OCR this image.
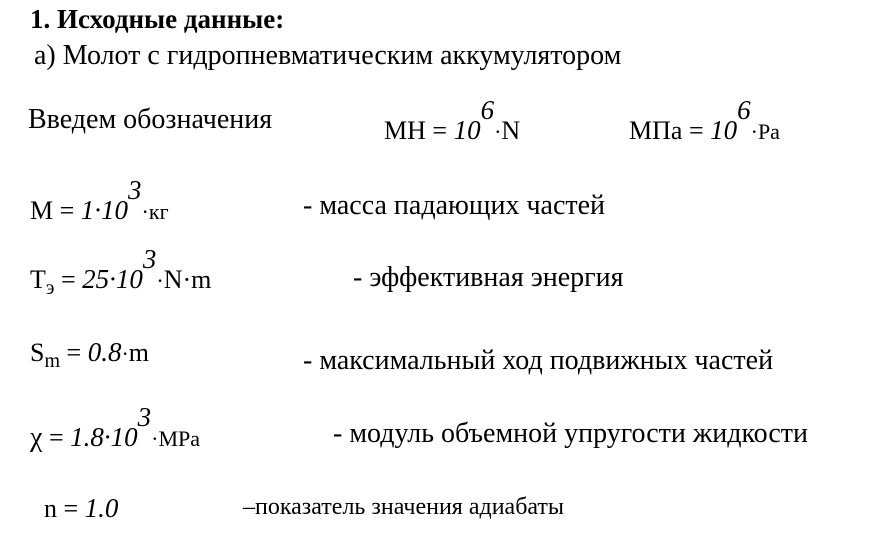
1. Исходные данные:
а) Молот с гидропневматическим аккумулятором
Введем обозначения	MH = 106·N	MПa = 106·Pa
M = 1·103·кг	- масса падающих частей
$T_э = 25\cdot 103\cdot N\cdot m$	- эффективная энергия
$S_m = 0.8\cdot m$	- максимальный ход подвижных частей
χ = 1.8·103·MPa	- модуль объемной упругости жидкости
n = 1.0	–показатель значения адиабаты
